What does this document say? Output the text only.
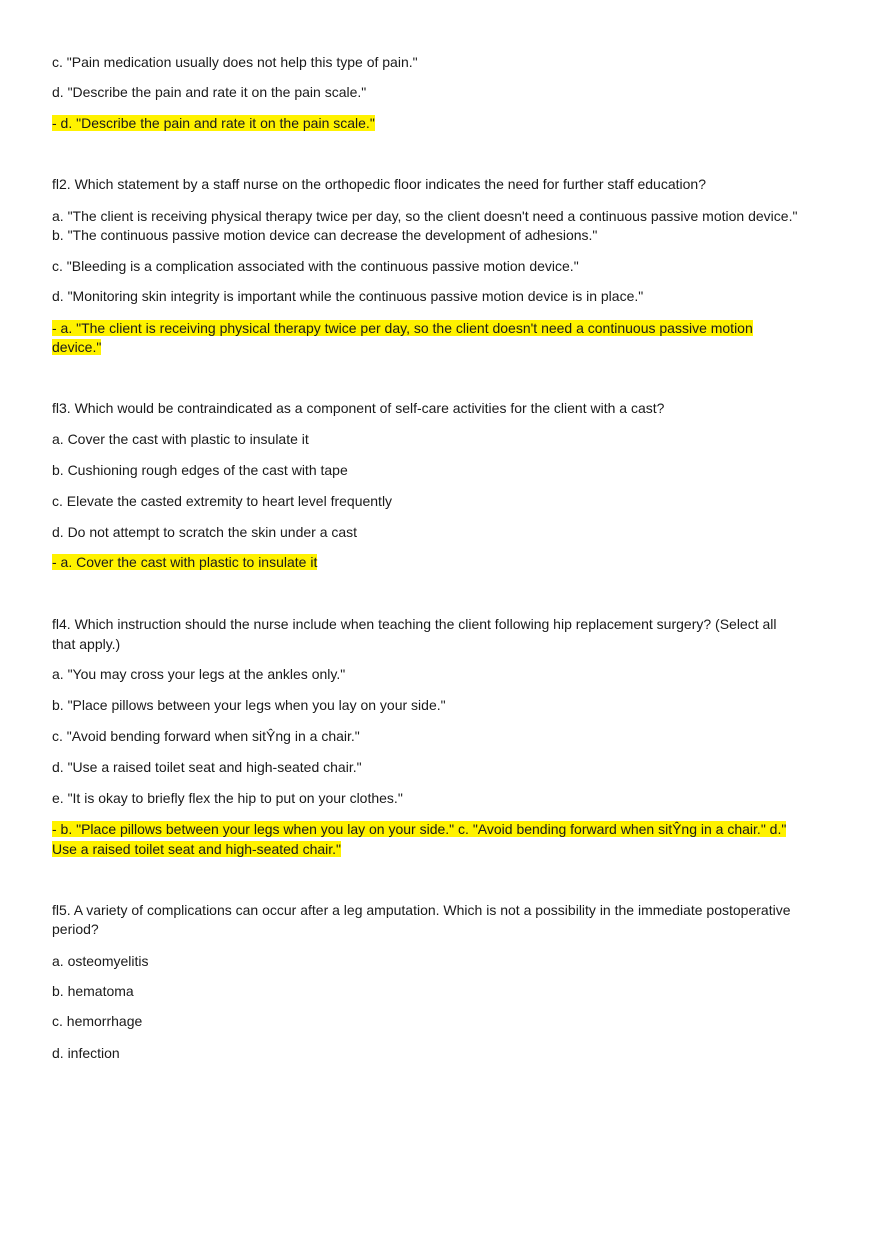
c. "Pain medication usually does not help this type of pain."
d. "Describe the pain and rate it on the pain scale."
- d. "Describe the pain and rate it on the pain scale."
fl2. Which statement by a staff nurse on the orthopedic floor indicates the need for further staff education?
a. "The client is receiving physical therapy twice per day, so the client doesn't need a continuous passive motion device."
b. "The continuous passive motion device can decrease the development of adhesions."
c. "Bleeding is a complication associated with the continuous passive motion device."
d. "Monitoring skin integrity is important while the continuous passive motion device is in place."
- a. "The client is receiving physical therapy twice per day, so the client doesn't need a continuous passive motion
device."
fl3. Which would be contraindicated as a component of self-care activities for the client with a cast?
a. Cover the cast with plastic to insulate it
b. Cushioning rough edges of the cast with tape
c. Elevate the casted extremity to heart level frequently
d. Do not attempt to scratch the skin under a cast
- a. Cover the cast with plastic to insulate it
fl4. Which instruction should the nurse include when teaching the client following hip replacement surgery? (Select all
that apply.)
a. "You may cross your legs at the ankles only."
b. "Place pillows between your legs when you lay on your side."
c. "Avoid bending forward when sitŶng in a chair."
d. "Use a raised toilet seat and high-seated chair."
e. "It is okay to briefly flex the hip to put on your clothes."
- b. "Place pillows between your legs when you lay on your side." c. "Avoid bending forward when sitŶng in a chair." d."
Use a raised toilet seat and high-seated chair."
fl5. A variety of complications can occur after a leg amputation. Which is not a possibility in the immediate postoperative
period?
a. osteomyelitis
b. hematoma
c. hemorrhage
d. infection
